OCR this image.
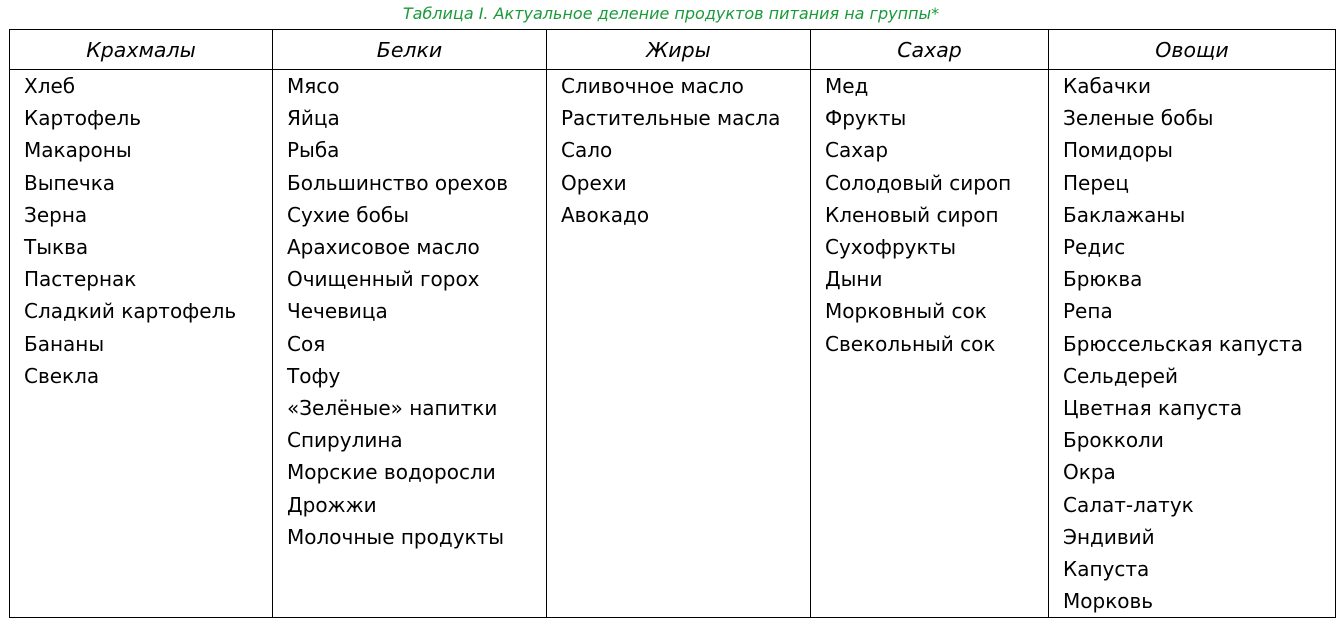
Таблица I. Актуальное деление продуктов питания на группы*
Крахмалы	Белки	Жиры	Сахар	Овощи
Хлеб	Мясо	Сливочное масло	Мед	Кабачки
Картофель	Яйца	Растительные масла	Фрукты	Зеленые бобы
Макароны	Рыба	Сало	Сахар	Помидоры
Выпечка	Большинство орехов	Орехи	Солодовый сироп	Перец
Зерна	Сухие бобы	Авокадо	Кленовый сироп	Баклажаны
Тыква	Арахисовое масло		Сухофрукты	Редис
Пастернак	Очищенный горох		Дыни	Брюква
Сладкий картофель	Чечевица		Морковный сок	Репа
Бананы	Соя		Свекольный сок	Брюссельская капуста
Свекла	Тофу			Сельдерей
	«Зелёные» напитки			Цветная капуста
	Спирулина			Брокколи
	Морские водоросли			Окра
	Дрожжи			Салат-латук
	Молочные продукты			Эндивий
				Капуста
				Морковь
